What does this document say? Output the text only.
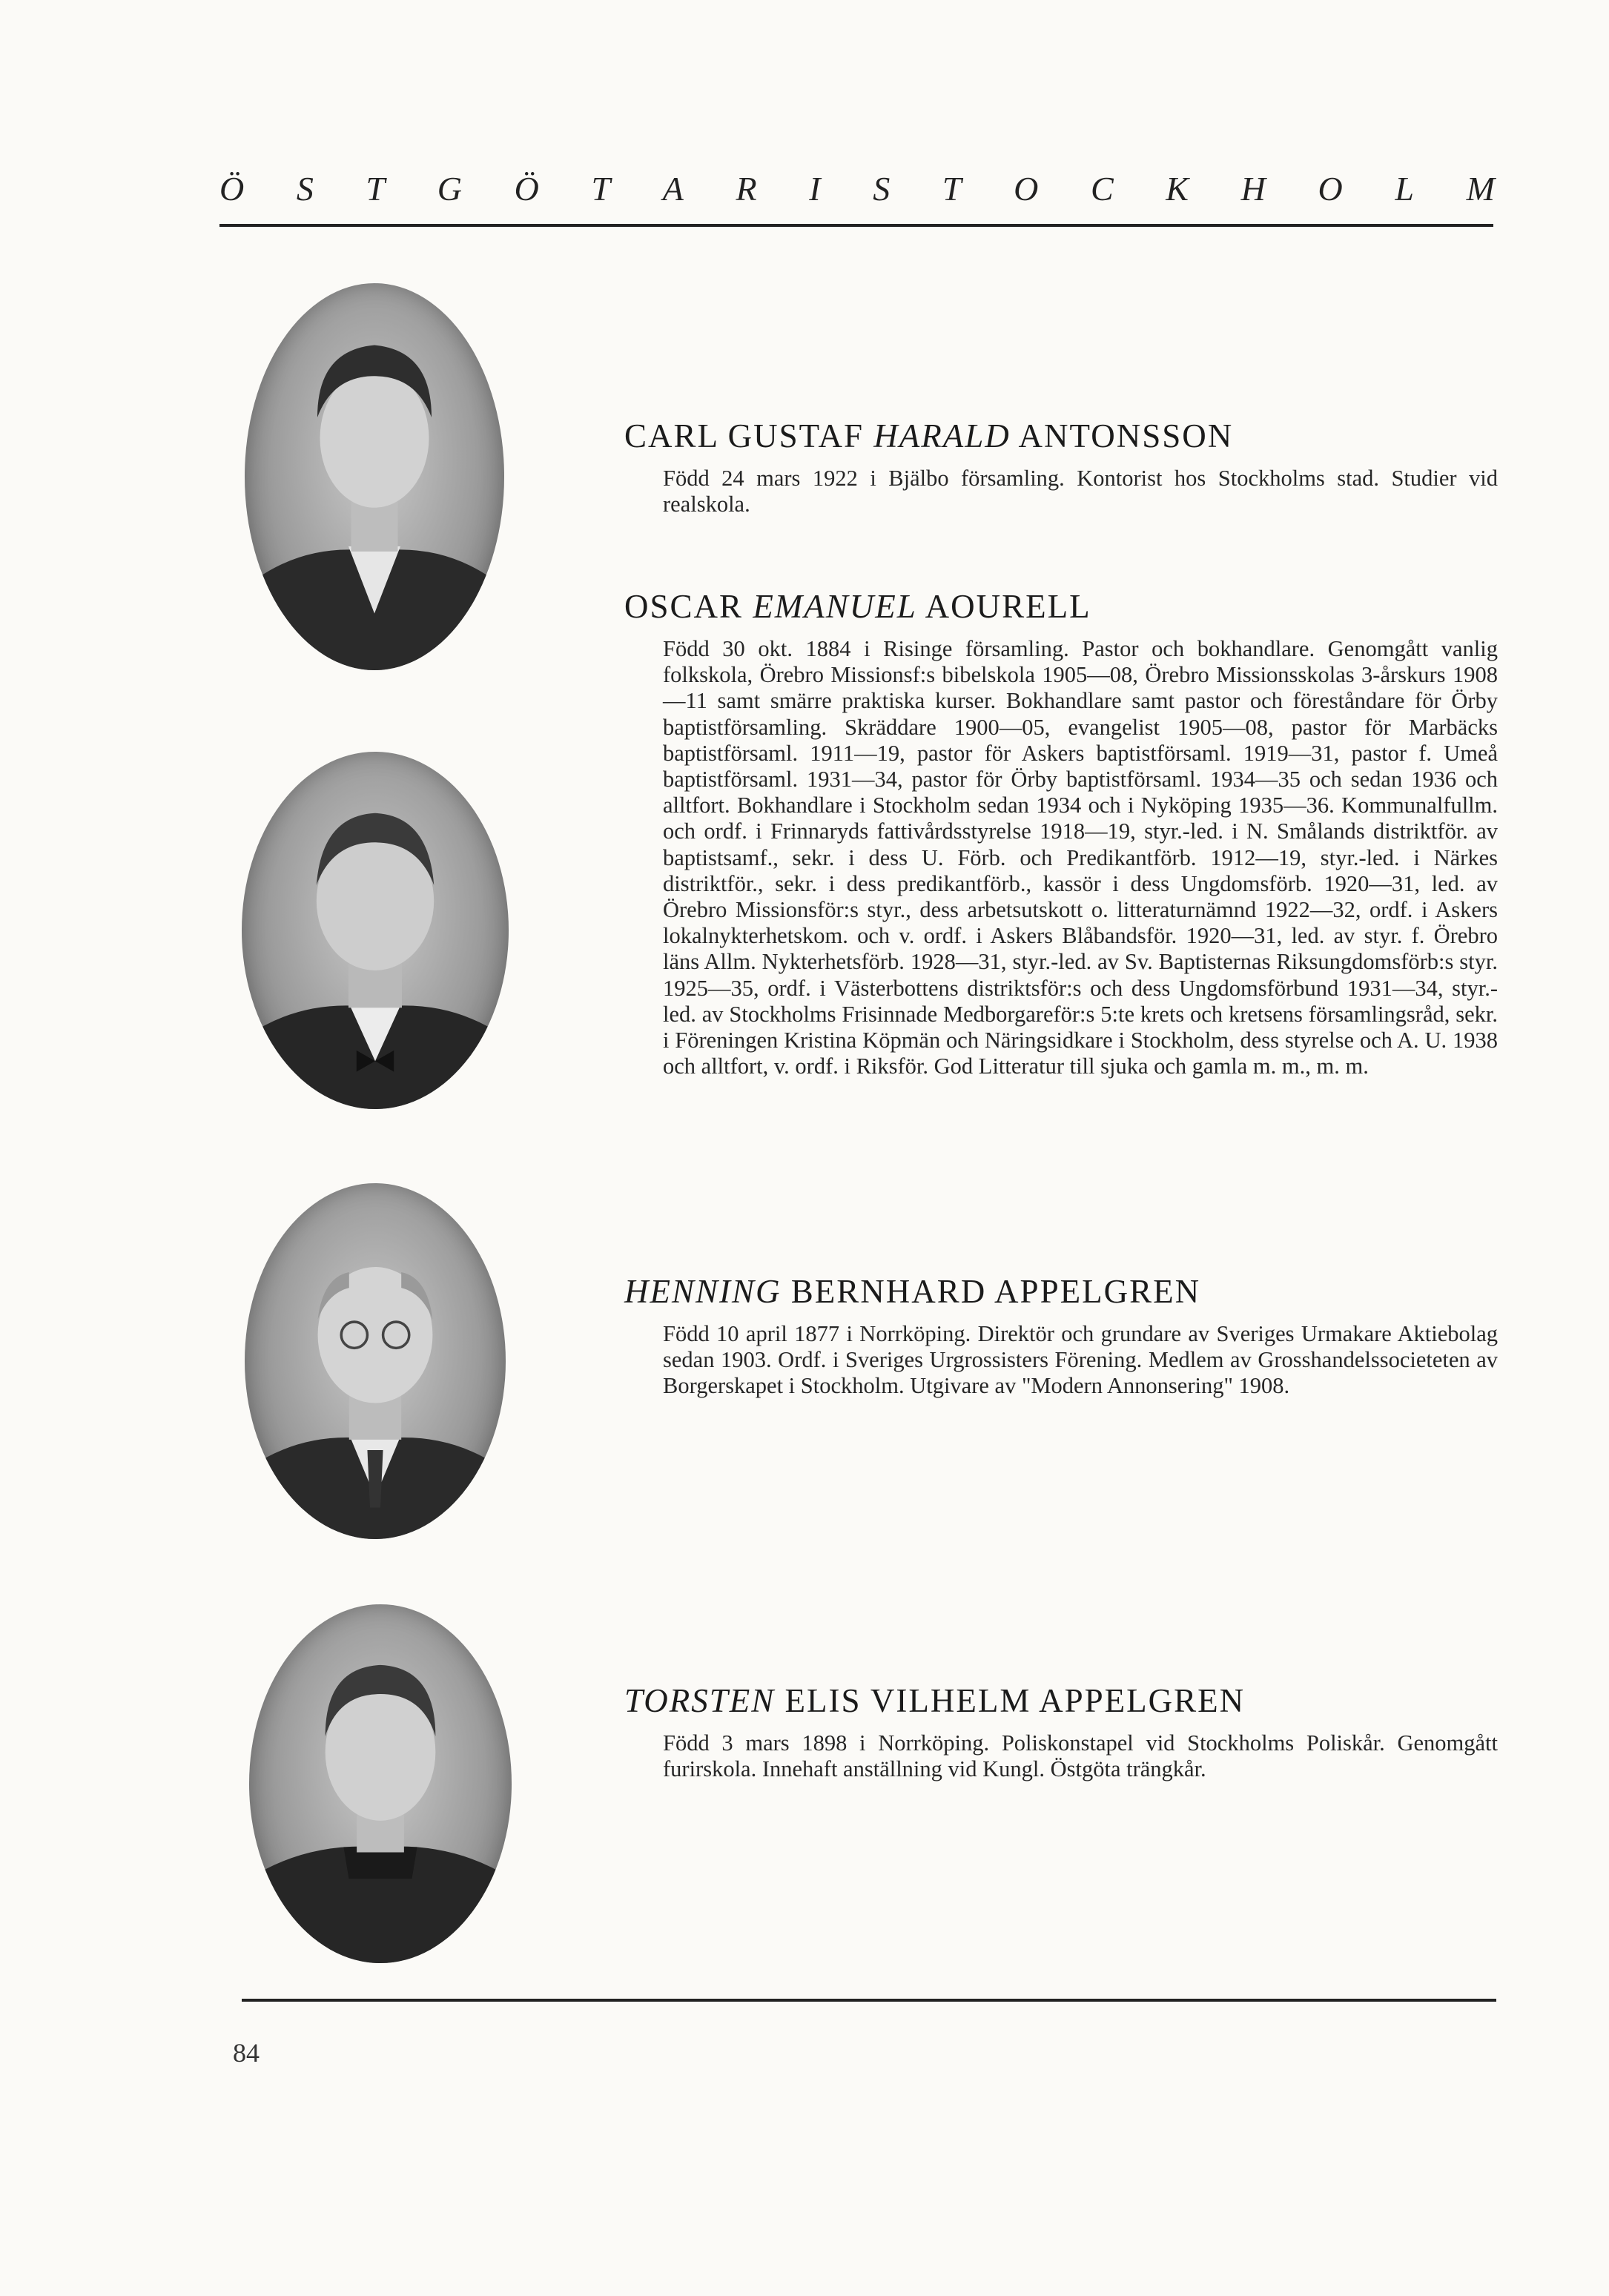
Ö S T G Ö T A R I S T O C K H O L M
CARL GUSTAF HARALD ANTONSSON

Född 24 mars 1922 i Bjälbo församling. Kontorist hos Stockholms stad. Studier vid realskola.

OSCAR EMANUEL AOURELL

Född 30 okt. 1884 i Risinge församling. Pastor och bokhandlare. Genomgått vanlig folkskola, Örebro Missionsf:s bibelskola 1905—08, Örebro Missionsskolas 3-årskurs 1908—11 samt smärre praktiska kurser. Bokhandlare samt pastor och föreståndare för Örby baptistförsamling. Skräddare 1900—05, evangelist 1905—08, pastor för Marbäcks baptistförsaml. 1911—19, pastor för Askers baptistförsaml. 1919—31, pastor f. Umeå baptistförsaml. 1931—34, pastor för Örby baptistförsaml. 1934—35 och sedan 1936 och alltfort. Bokhandlare i Stockholm sedan 1934 och i Nyköping 1935—36. Kommunalfullm. och ordf. i Frinnaryds fattivårdsstyrelse 1918—19, styr.-led. i N. Smålands distriktför. av baptistsamf., sekr. i dess U. Förb. och Predikantförb. 1912—19, styr.-led. i Närkes distriktför., sekr. i dess predikantförb., kassör i dess Ungdomsförb. 1920—31, led. av Örebro Missionsför:s styr., dess arbetsutskott o. litteraturnämnd 1922—32, ordf. i Askers lokalnykterhetskom. och v. ordf. i Askers Blåbandsför. 1920—31, led. av styr. f. Örebro läns Allm. Nykterhetsförb. 1928—31, styr.-led. av Sv. Baptisternas Riksungdomsförb:s styr. 1925—35, ordf. i Västerbottens distriktsför:s och dess Ungdomsförbund 1931—34, styr.-led. av Stockholms Frisinnade Medborgareför:s 5:te krets och kretsens församlingsråd, sekr. i Föreningen Kristina Köpmän och Näringsidkare i Stockholm, dess styrelse och A. U. 1938 och alltfort, v. ordf. i Riksför. God Litteratur till sjuka och gamla m. m., m. m.

HENNING BERNHARD APPELGREN

Född 10 april 1877 i Norrköping. Direktör och grundare av Sveriges Urmakare Aktiebolag sedan 1903. Ordf. i Sveriges Urgrossisters Förening. Medlem av Grosshandelssocieteten av Borgerskapet i Stockholm. Utgivare av "Modern Annonsering" 1908.

TORSTEN ELIS VILHELM APPELGREN

Född 3 mars 1898 i Norrköping. Poliskonstapel vid Stockholms Poliskår. Genomgått furirskola. Innehaft anställning vid Kungl. Östgöta trängkår.

84
